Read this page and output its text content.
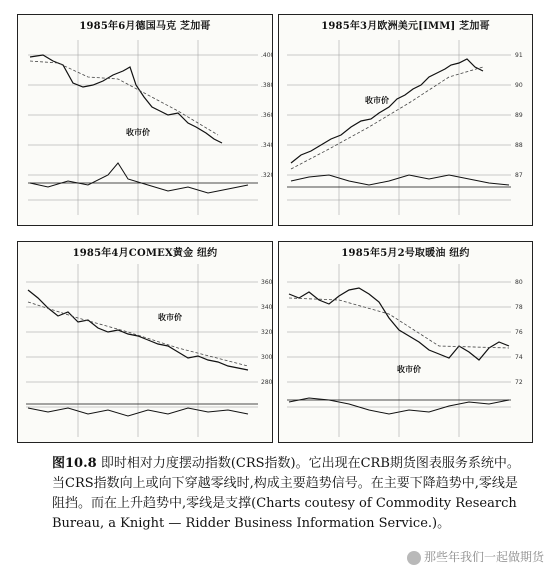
.400
.380
.360
.340
.320
1985年6月德国马克 芝加哥
收市价
91
90
89
88
87
1985年3月欧洲美元[IMM] 芝加哥
收市价
360
340
320
300
280
1985年4月COMEX黄金 纽约
收市价
80
78
76
74
72
1985年5月2号取暖油 纽约
收市价
图10.8 即时相对力度摆动指数(CRS指数)。它出现在CRB期货图表服务系统中。当CRS指数向上或向下穿越零线时,构成主要趋势信号。在主要下降趋势中,零线是阻挡。而在上升趋势中,零线是支撑(Charts coutesy of Commodity Research Bureau, a Knight — Ridder Business Information Service.)。
那些年我们一起做期货
